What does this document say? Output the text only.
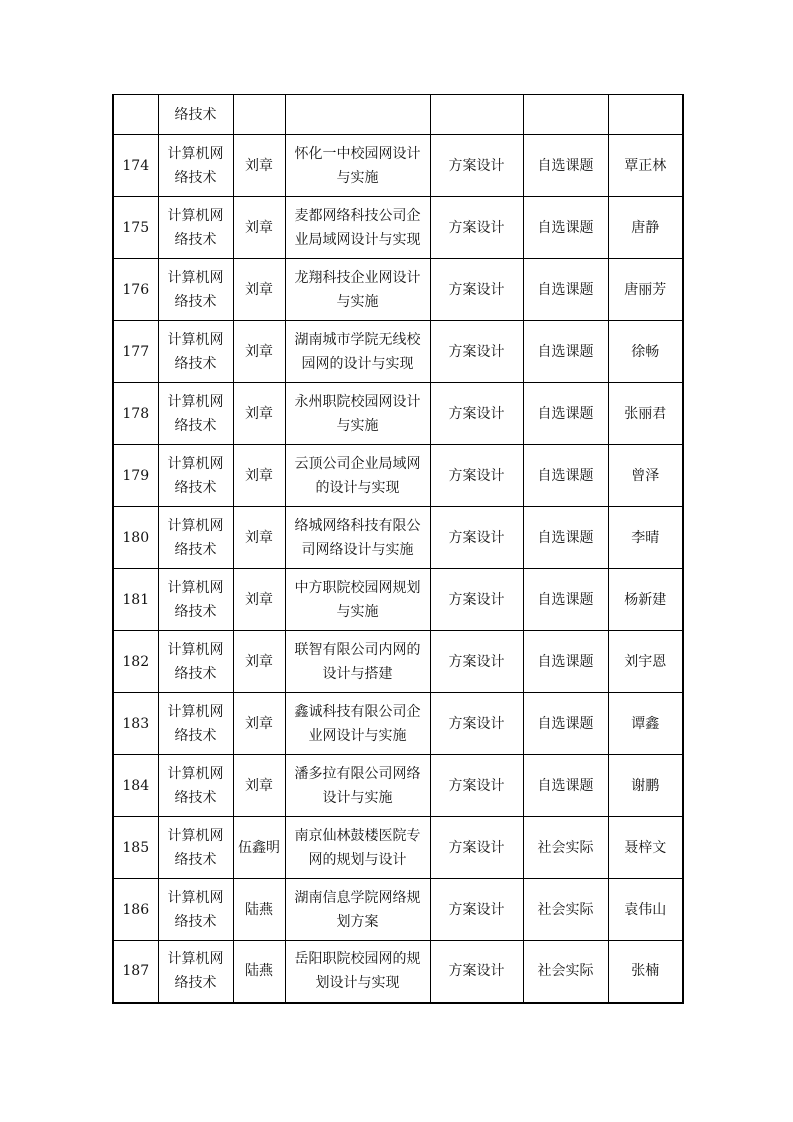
	络技术					
174	计算机网络技术	刘章	怀化一中校园网设计与实施	方案设计	自选课题	覃正林
175	计算机网络技术	刘章	麦都网络科技公司企业局域网设计与实现	方案设计	自选课题	唐静
176	计算机网络技术	刘章	龙翔科技企业网设计与实施	方案设计	自选课题	唐丽芳
177	计算机网络技术	刘章	湖南城市学院无线校园网的设计与实现	方案设计	自选课题	徐畅
178	计算机网络技术	刘章	永州职院校园网设计与实施	方案设计	自选课题	张丽君
179	计算机网络技术	刘章	云顶公司企业局域网的设计与实现	方案设计	自选课题	曾泽
180	计算机网络技术	刘章	络城网络科技有限公司网络设计与实施	方案设计	自选课题	李晴
181	计算机网络技术	刘章	中方职院校园网规划与实施	方案设计	自选课题	杨新建
182	计算机网络技术	刘章	联智有限公司内网的设计与搭建	方案设计	自选课题	刘宇恩
183	计算机网络技术	刘章	鑫诚科技有限公司企业网设计与实施	方案设计	自选课题	谭鑫
184	计算机网络技术	刘章	潘多拉有限公司网络设计与实施	方案设计	自选课题	谢鹏
185	计算机网络技术	伍鑫明	南京仙林鼓楼医院专网的规划与设计	方案设计	社会实际	聂梓文
186	计算机网络技术	陆燕	湖南信息学院网络规划方案	方案设计	社会实际	袁伟山
187	计算机网络技术	陆燕	岳阳职院校园网的规划设计与实现	方案设计	社会实际	张楠
